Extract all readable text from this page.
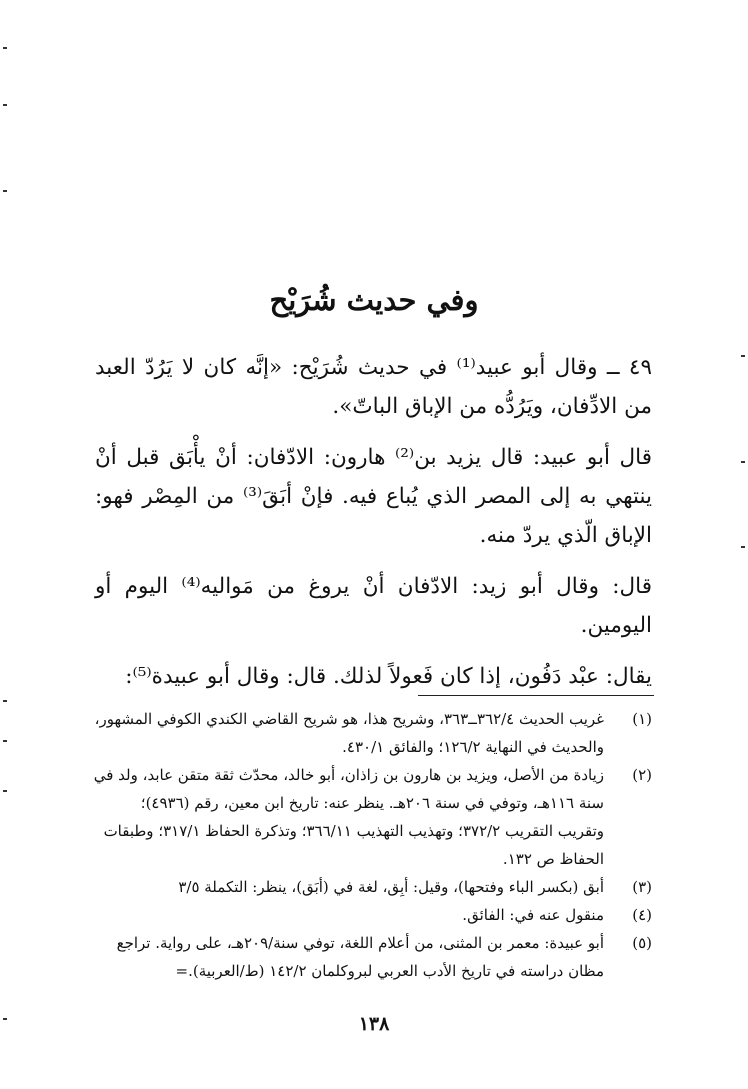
وفي حديث شُرَيْح

٤٩ ــ وقال أبو عبيد⁽¹⁾ في حديث شُرَيْح: «إنَّه كان لا يَرُدّ العبد من الادِّفان، ويَرُدُّه من الإباق الباتّ».

قال أبو عبيد: قال يزيد بن⁽²⁾ هارون: الادّفان: أنْ يأْبَق قبل أنْ ينتهي به إلى المصر الذي يُباع فيه. فإنْ أبَقَ⁽³⁾ من المِصْر فهو: الإباق الّذي يردّ منه.

قال: وقال أبو زيد: الادّفان أنْ يروغ من مَواليه⁽⁴⁾ اليوم أو اليومين.

يقال: عبْد دَفُون، إذا كان فَعولاً لذلك. قال: وقال أبو عبيدة⁽⁵⁾:

(١)
غريب الحديث ٣٦٢/٤ــ٣٦٣، وشريح هذا، هو شريح القاضي الكندي الكوفي المشهور، والحديث في النهاية ١٢٦/٢؛ والفائق ٤٣٠/١.

(٢)
زيادة من الأصل، ويزيد بن هارون بن زاذان، أبو خالد، محدّث ثقة متقن عابد، ولد في سنة ١١٦هـ، وتوفي في سنة ٢٠٦هـ. ينظر عنه: تاريخ ابن معين، رقم (٤٩٣٦)؛ وتقريب التقريب ٣٧٢/٢؛ وتهذيب التهذيب ٣٦٦/١١؛ وتذكرة الحفاظ ٣١٧/١؛ وطبقات الحفاظ ص ١٣٢.

(٣)
أبق (بكسر الباء وفتحها)، وقيل: أبِق، لغة في (أبَق)، ينظر: التكملة ٣/٥

(٤)
منقول عنه في: الفائق.

(٥)
أبو عبيدة: معمر بن المثنى، من أعلام اللغة، توفي سنة/٢٠٩هـ، على رواية. تراجع مظان دراسته في تاريخ الأدب العربي لبروكلمان ١٤٢/٢ (ط/العربية).=

١٣٨
